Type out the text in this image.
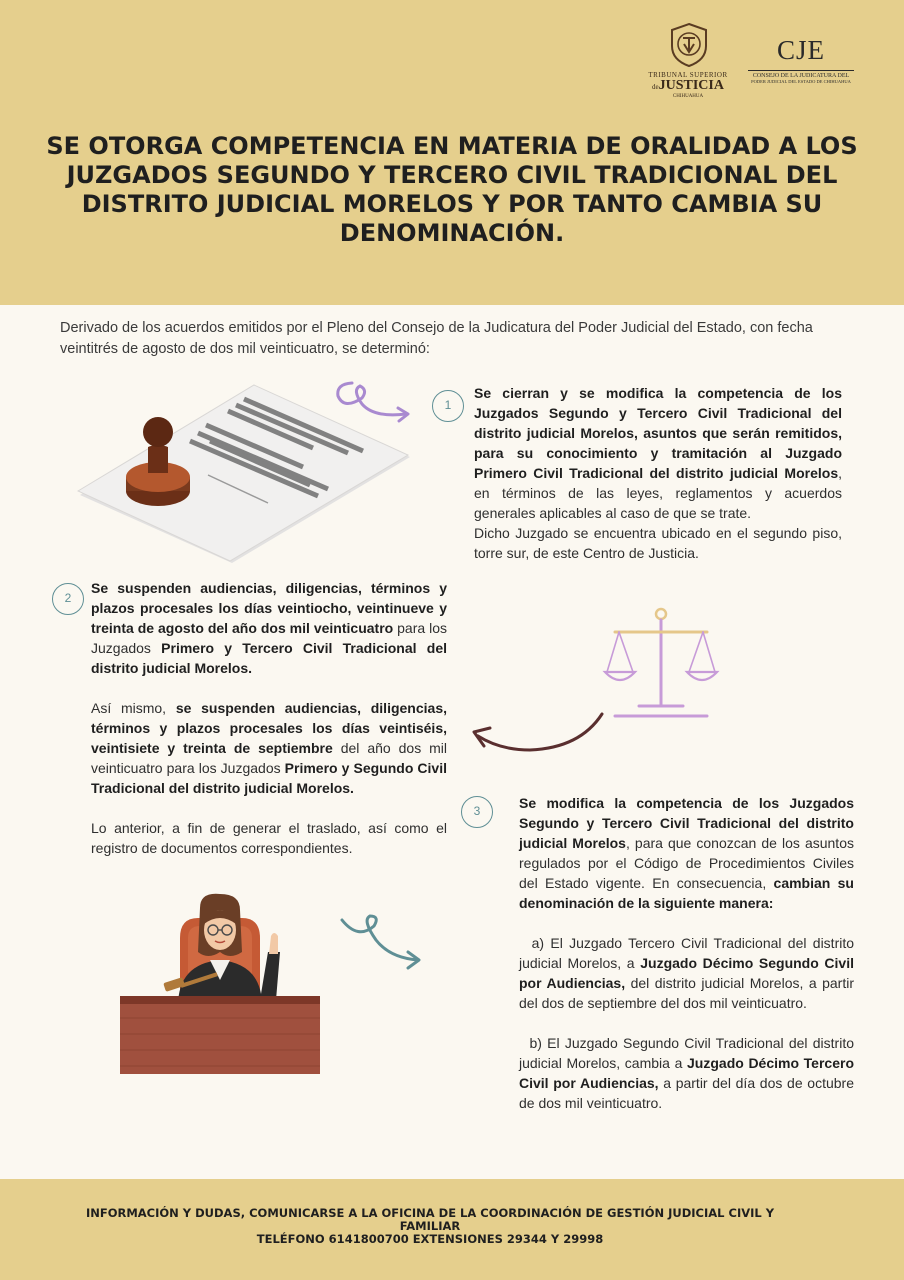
TRIBUNAL SUPERIOR
deJUSTICIA
CHIHUAHUA
CJE
CONSEJO DE LA JUDICATURA DEL
PODER JUDICIAL DEL ESTADO DE CHIHUAHUA
SE OTORGA COMPETENCIA EN MATERIA DE ORALIDAD A LOS JUZGADOS SEGUNDO Y TERCERO CIVIL TRADICIONAL DEL DISTRITO JUDICIAL MORELOS Y POR TANTO CAMBIA SU DENOMINACIÓN.

Derivado de los acuerdos emitidos por el Pleno del Consejo de la Judicatura del Poder Judicial del Estado, con fecha veintitrés de agosto de dos mil veinticuatro, se determinó:

1

Se cierran y se modifica la competencia de los Juzgados Segundo y Tercero Civil Tradicional del distrito judicial Morelos, asuntos que serán remitidos, para su conocimiento y tramitación al Juzgado Primero Civil Tradicional del distrito judicial Morelos, en términos de las leyes, reglamentos y acuerdos generales aplicables al caso de que se trate.
Dicho Juzgado se encuentra ubicado en el segundo piso, torre sur, de este Centro de Justicia.

2

Se suspenden audiencias, diligencias, términos y plazos procesales los días veintiocho, veintinueve y treinta de agosto del año dos mil veinticuatro para los Juzgados Primero y Tercero Civil Tradicional del distrito judicial Morelos.

Así mismo, se suspenden audiencias, diligencias, términos y plazos procesales los días veintiséis, veintisiete y treinta de septiembre del año dos mil veinticuatro para los Juzgados Primero y Segundo Civil Tradicional del distrito judicial Morelos.

Lo anterior, a fin de generar el traslado, así como el registro de documentos correspondientes.

3	Se modifica la competencia de los Juzgados Segundo y Tercero Civil Tradicional del distrito judicial Morelos, para que conozcan de los asuntos regulados por el Código de Procedimientos Civiles del Estado vigente. En consecuencia, cambian su denominación de la siguiente manera:

a) El Juzgado Tercero Civil Tradicional del distrito judicial Morelos, a Juzgado Décimo Segundo Civil por Audiencias, del distrito judicial Morelos, a partir del dos de septiembre del dos mil veinticuatro.

b) El Juzgado Segundo Civil Tradicional del distrito judicial Morelos, cambia a Juzgado Décimo Tercero Civil por Audiencias, a partir del día dos de octubre de dos mil veinticuatro.

INFORMACIÓN Y DUDAS, COMUNICARSE A LA OFICINA DE LA COORDINACIÓN DE GESTIÓN JUDICIAL CIVIL Y FAMILIAR
TELÉFONO 6141800700 EXTENSIONES 29344 Y 29998
